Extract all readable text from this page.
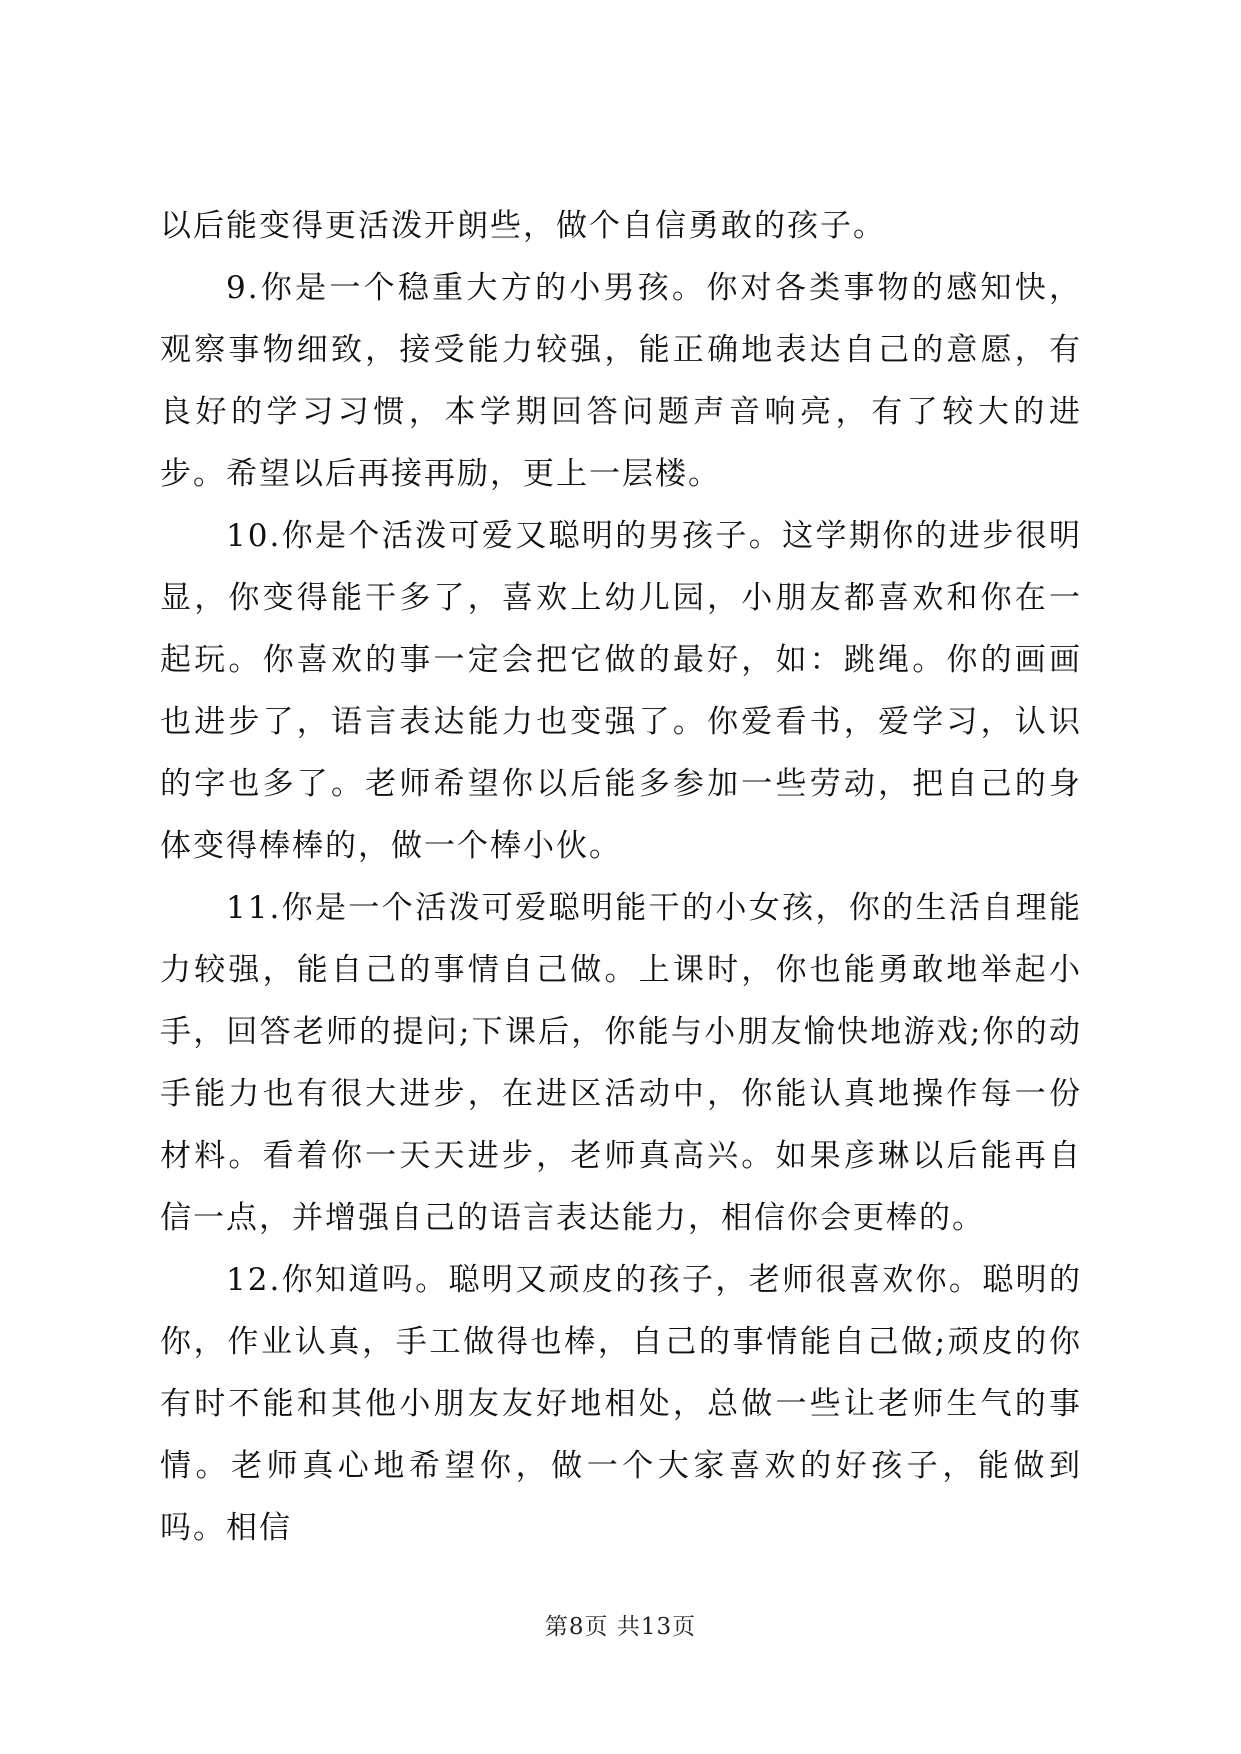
以后能变得更活泼开朗些，做个自信勇敢的孩子。

9.你是一个稳重大方的小男孩。你对各类事物的感知快，观察事物细致，接受能力较强，能正确地表达自己的意愿，有良好的学习习惯，本学期回答问题声音响亮，有了较大的进步。希望以后再接再励，更上一层楼。

10.你是个活泼可爱又聪明的男孩子。这学期你的进步很明显，你变得能干多了，喜欢上幼儿园，小朋友都喜欢和你在一起玩。你喜欢的事一定会把它做的最好，如：跳绳。你的画画也进步了，语言表达能力也变强了。你爱看书，爱学习，认识的字也多了。老师希望你以后能多参加一些劳动，把自己的身体变得棒棒的，做一个棒小伙。

11.你是一个活泼可爱聪明能干的小女孩，你的生活自理能力较强，能自己的事情自己做。上课时，你也能勇敢地举起小手，回答老师的提问;下课后，你能与小朋友愉快地游戏;你的动手能力也有很大进步，在进区活动中，你能认真地操作每一份材料。看着你一天天进步，老师真高兴。如果彦琳以后能再自信一点，并增强自己的语言表达能力，相信你会更棒的。

12.你知道吗。聪明又顽皮的孩子，老师很喜欢你。聪明的你，作业认真，手工做得也棒，自己的事情能自己做;顽皮的你有时不能和其他小朋友友好地相处，总做一些让老师生气的事情。老师真心地希望你，做一个大家喜欢的好孩子，能做到吗。相信

第8页 共13页
